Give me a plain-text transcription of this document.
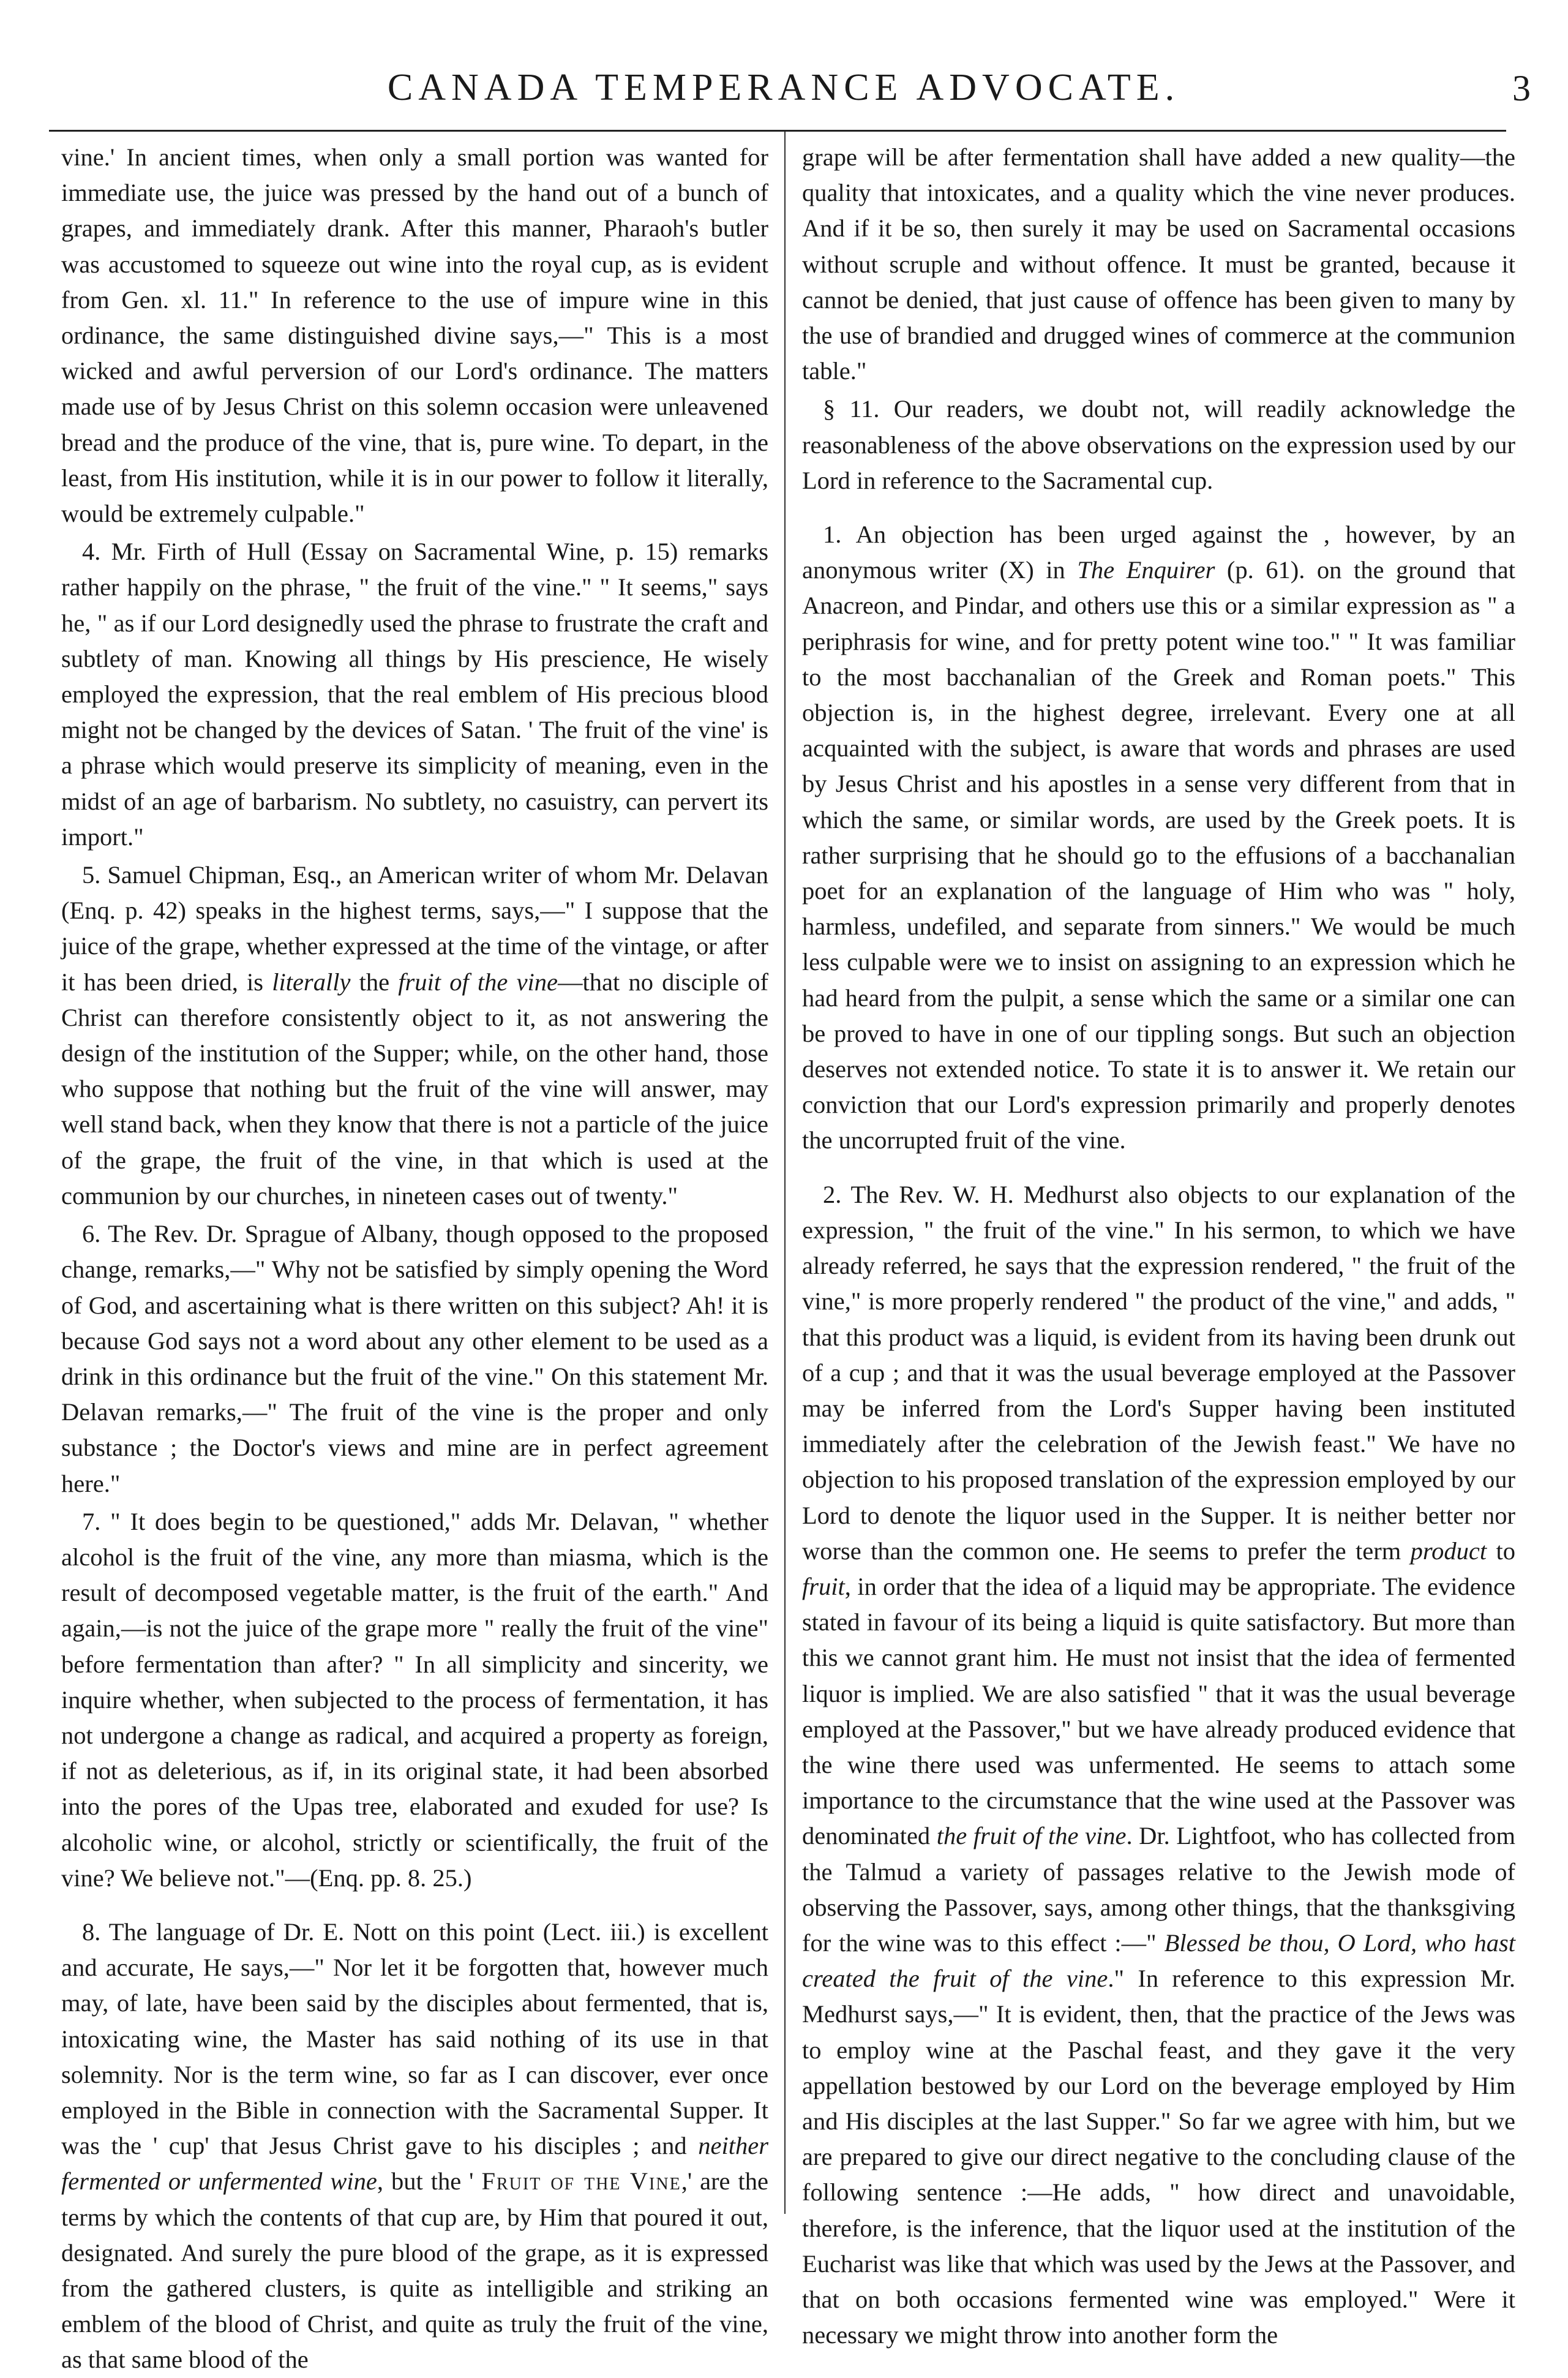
CANADA TEMPERANCE ADVOCATE.	3

vine.' In ancient times, when only a small portion was wanted for immediate use, the juice was pressed by the hand out of a bunch of grapes, and immediately drank. After this manner, Pharaoh's butler was accustomed to squeeze out wine into the royal cup, as is evident from Gen. xl. 11." In reference to the use of impure wine in this ordinance, the same distinguished divine says,—" This is a most wicked and awful perversion of our Lord's ordinance. The matters made use of by Jesus Christ on this solemn occasion were unleavened bread and the produce of the vine, that is, pure wine. To depart, in the least, from His institution, while it is in our power to follow it literally, would be extremely culpable."

4. Mr. Firth of Hull (Essay on Sacramental Wine, p. 15) remarks rather happily on the phrase, " the fruit of the vine." " It seems," says he, " as if our Lord designedly used the phrase to frustrate the craft and subtlety of man. Knowing all things by His prescience, He wisely employed the expression, that the real emblem of His precious blood might not be changed by the devices of Satan. ' The fruit of the vine' is a phrase which would preserve its simplicity of meaning, even in the midst of an age of barbarism. No subtlety, no casuistry, can pervert its import."

5. Samuel Chipman, Esq., an American writer of whom Mr. Delavan (Enq. p. 42) speaks in the highest terms, says,—" I suppose that the juice of the grape, whether expressed at the time of the vintage, or after it has been dried, is literally the fruit of the vine—that no disciple of Christ can therefore consistently object to it, as not answering the design of the institution of the Supper; while, on the other hand, those who suppose that nothing but the fruit of the vine will answer, may well stand back, when they know that there is not a particle of the juice of the grape, the fruit of the vine, in that which is used at the communion by our churches, in nineteen cases out of twenty."

6. The Rev. Dr. Sprague of Albany, though opposed to the proposed change, remarks,—" Why not be satisfied by simply opening the Word of God, and ascertaining what is there written on this subject? Ah! it is because God says not a word about any other element to be used as a drink in this ordinance but the fruit of the vine." On this statement Mr. Delavan remarks,—" The fruit of the vine is the proper and only substance ; the Doctor's views and mine are in perfect agreement here."

7. " It does begin to be questioned," adds Mr. Delavan, " whether alcohol is the fruit of the vine, any more than miasma, which is the result of decomposed vegetable matter, is the fruit of the earth." And again,—is not the juice of the grape more " really the fruit of the vine" before fermentation than after? " In all simplicity and sincerity, we inquire whether, when subjected to the process of fermentation, it has not undergone a change as radical, and acquired a property as foreign, if not as deleterious, as if, in its original state, it had been absorbed into the pores of the Upas tree, elaborated and exuded for use? Is alcoholic wine, or alcohol, strictly or scientifically, the fruit of the vine? We believe not."—(Enq. pp. 8. 25.)

8. The language of Dr. E. Nott on this point (Lect. iii.) is excellent and accurate, He says,—" Nor let it be forgotten that, however much may, of late, have been said by the disciples about fermented, that is, intoxicating wine, the Master has said nothing of its use in that solemnity. Nor is the term wine, so far as I can discover, ever once employed in the Bible in connection with the Sacramental Supper. It was the ' cup' that Jesus Christ gave to his disciples ; and neither fermented or unfermented wine, but the ' Fruit of the Vine,' are the terms by which the contents of that cup are, by Him that poured it out, designated. And surely the pure blood of the grape, as it is expressed from the gathered clusters, is quite as intelligible and striking an emblem of the blood of Christ, and quite as truly the fruit of the vine, as that same blood of the

grape will be after fermentation shall have added a new quality—the quality that intoxicates, and a quality which the vine never produces. And if it be so, then surely it may be used on Sacramental occasions without scruple and without offence. It must be granted, because it cannot be denied, that just cause of offence has been given to many by the use of brandied and drugged wines of commerce at the communion table."

§ 11. Our readers, we doubt not, will readily acknowledge the reasonableness of the above observations on the expression used by our Lord in reference to the Sacramental cup.

1. An objection has been urged against the , however, by an anonymous writer (X) in The Enquirer (p. 61). on the ground that Anacreon, and Pindar, and others use this or a similar expression as " a periphrasis for wine, and for pretty potent wine too." " It was familiar to the most bacchanalian of the Greek and Roman poets." This objection is, in the highest degree, irrelevant. Every one at all acquainted with the subject, is aware that words and phrases are used by Jesus Christ and his apostles in a sense very different from that in which the same, or similar words, are used by the Greek poets. It is rather surprising that he should go to the effusions of a bacchanalian poet for an explanation of the language of Him who was " holy, harmless, undefiled, and separate from sinners." We would be much less culpable were we to insist on assigning to an expression which he had heard from the pulpit, a sense which the same or a similar one can be proved to have in one of our tippling songs. But such an objection deserves not extended notice. To state it is to answer it. We retain our conviction that our Lord's expression primarily and properly denotes the uncorrupted fruit of the vine.

2. The Rev. W. H. Medhurst also objects to our explanation of the expression, " the fruit of the vine." In his sermon, to which we have already referred, he says that the expression rendered, " the fruit of the vine," is more properly rendered " the product of the vine," and adds, " that this product was a liquid, is evident from its having been drunk out of a cup ; and that it was the usual beverage employed at the Passover may be inferred from the Lord's Supper having been instituted immediately after the celebration of the Jewish feast." We have no objection to his proposed translation of the expression employed by our Lord to denote the liquor used in the Supper. It is neither better nor worse than the common one. He seems to prefer the term product to fruit, in order that the idea of a liquid may be appropriate. The evidence stated in favour of its being a liquid is quite satisfactory. But more than this we cannot grant him. He must not insist that the idea of fermented liquor is implied. We are also satisfied " that it was the usual beverage employed at the Passover," but we have already produced evidence that the wine there used was unfermented. He seems to attach some importance to the circumstance that the wine used at the Passover was denominated the fruit of the vine. Dr. Lightfoot, who has collected from the Talmud a variety of passages relative to the Jewish mode of observing the Passover, says, among other things, that the thanksgiving for the wine was to this effect :—" Blessed be thou, O Lord, who hast created the fruit of the vine." In reference to this expression Mr. Medhurst says,—" It is evident, then, that the practice of the Jews was to employ wine at the Paschal feast, and they gave it the very appellation bestowed by our Lord on the beverage employed by Him and His disciples at the last Supper." So far we agree with him, but we are prepared to give our direct negative to the concluding clause of the following sentence :—He adds, " how direct and unavoidable, therefore, is the inference, that the liquor used at the institution of the Eucharist was like that which was used by the Jews at the Passover, and that on both occasions fermented wine was employed." Were it necessary we might throw into another form the
